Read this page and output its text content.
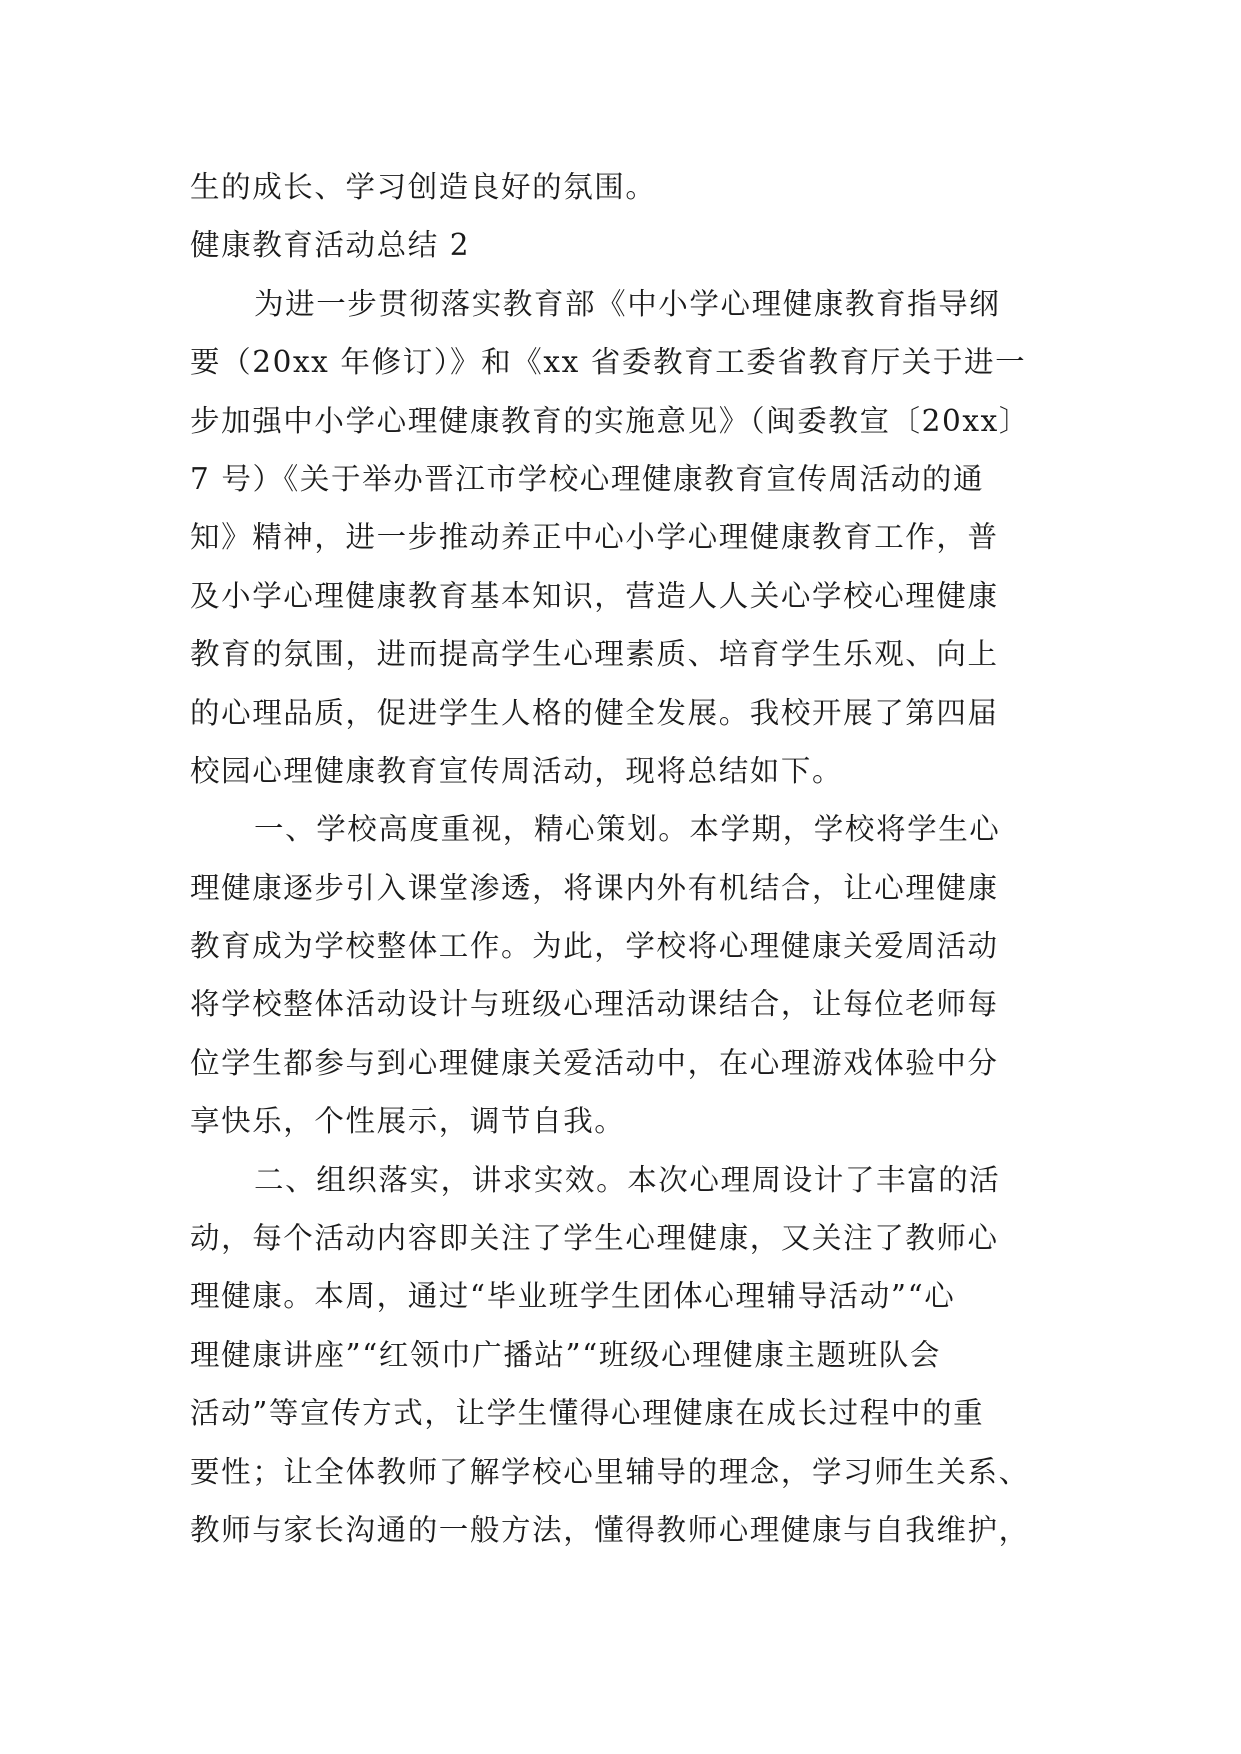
生的成长、学习创造良好的氛围。
健康教育活动总结 2
为进一步贯彻落实教育部《中小学心理健康教育指导纲
要（20xx 年修订）》和《xx 省委教育工委省教育厅关于进一
步加强中小学心理健康教育的实施意见》（闽委教宣〔20xx〕
7 号）《关于举办晋江市学校心理健康教育宣传周活动的通
知》精神，进一步推动养正中心小学心理健康教育工作，普
及小学心理健康教育基本知识，营造人人关心学校心理健康
教育的氛围，进而提高学生心理素质、培育学生乐观、向上
的心理品质，促进学生人格的健全发展。我校开展了第四届
校园心理健康教育宣传周活动，现将总结如下。
一、学校高度重视，精心策划。本学期，学校将学生心
理健康逐步引入课堂渗透，将课内外有机结合，让心理健康
教育成为学校整体工作。为此，学校将心理健康关爱周活动
将学校整体活动设计与班级心理活动课结合，让每位老师每
位学生都参与到心理健康关爱活动中，在心理游戏体验中分
享快乐，个性展示，调节自我。
二、组织落实，讲求实效。本次心理周设计了丰富的活
动，每个活动内容即关注了学生心理健康，又关注了教师心
理健康。本周，通过“毕业班学生团体心理辅导活动”“心
理健康讲座”“红领巾广播站”“班级心理健康主题班队会
活动”等宣传方式，让学生懂得心理健康在成长过程中的重
要性；让全体教师了解学校心里辅导的理念，学习师生关系、
教师与家长沟通的一般方法，懂得教师心理健康与自我维护，
